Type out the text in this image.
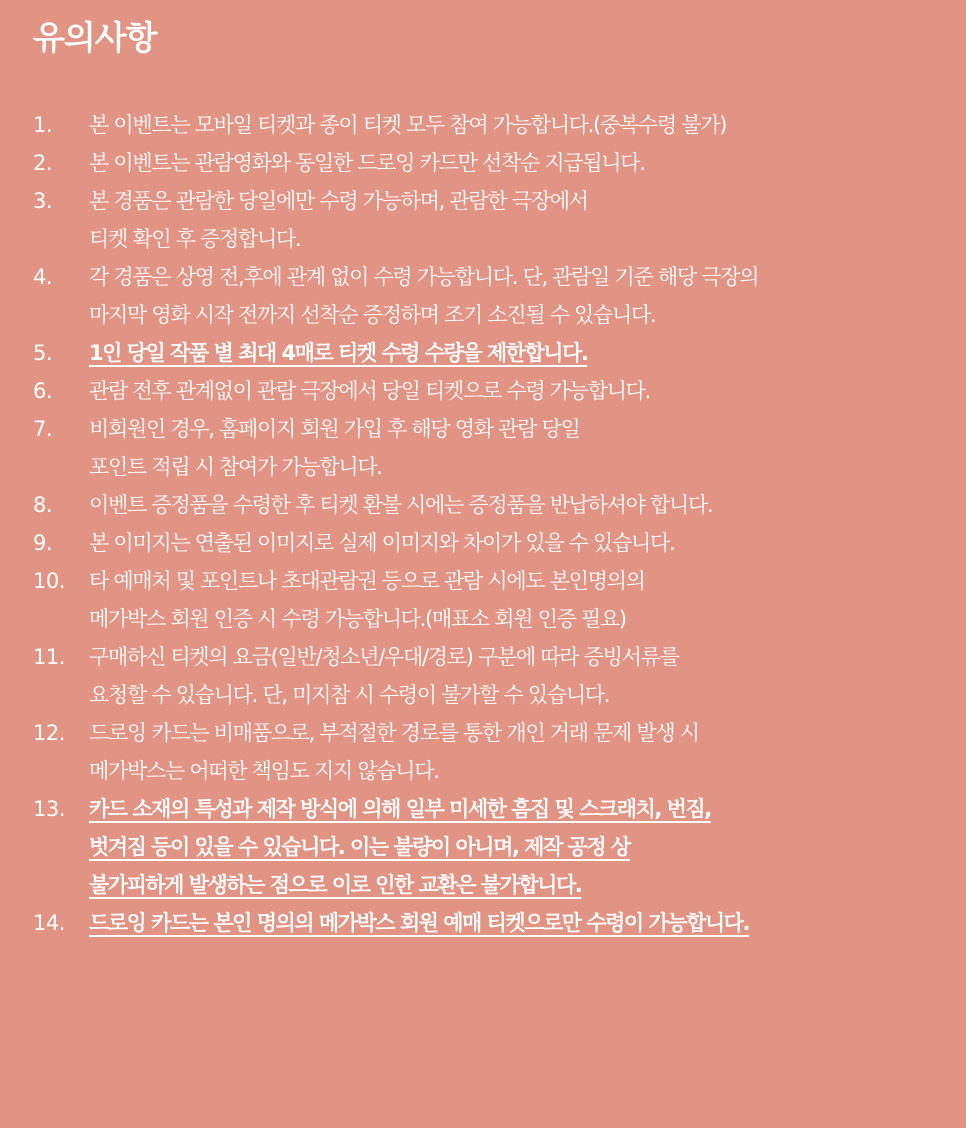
유의사항
1.	본 이벤트는 모바일 티켓과 종이 티켓 모두 참여 가능합니다.(중복수령 불가)
2.	본 이벤트는 관람영화와 동일한 드로잉 카드만 선착순 지급됩니다.
3.	본 경품은 관람한 당일에만 수령 가능하며, 관람한 극장에서
티켓 확인 후 증정합니다.
4.	각 경품은 상영 전,후에 관계 없이 수령 가능합니다. 단, 관람일 기준 해당 극장의
마지막 영화 시작 전까지 선착순 증정하며 조기 소진될 수 있습니다.
5.	1인 당일 작품 별 최대 4매로 티켓 수령 수량을 제한합니다.
6.	관람 전후 관계없이 관람 극장에서 당일 티켓으로 수령 가능합니다.
7.	비회원인 경우, 홈페이지 회원 가입 후 해당 영화 관람 당일
포인트 적립 시 참여가 가능합니다.
8.	이벤트 증정품을 수령한 후 티켓 환불 시에는 증정품을 반납하셔야 합니다.
9.	본 이미지는 연출된 이미지로 실제 이미지와 차이가 있을 수 있습니다.
10.	타 예매처 및 포인트나 초대관람권 등으로 관람 시에도 본인명의의
메가박스 회원 인증 시 수령 가능합니다.(매표소 회원 인증 필요)
11.	구매하신 티켓의 요금(일반/청소년/우대/경로) 구분에 따라 증빙서류를
요청할 수 있습니다. 단, 미지참 시 수령이 불가할 수 있습니다.
12.	드로잉 카드는 비매품으로, 부적절한 경로를 통한 개인 거래 문제 발생 시
메가박스는 어떠한 책임도 지지 않습니다.
13.	카드 소재의 특성과 제작 방식에 의해 일부 미세한 흠집 및 스크래치, 번짐,
벗겨짐 등이 있을 수 있습니다. 이는 불량이 아니며, 제작 공정 상
불가피하게 발생하는 점으로 이로 인한 교환은 불가합니다.
14.	드로잉 카드는 본인 명의의 메가박스 회원 예매 티켓으로만 수령이 가능합니다.
